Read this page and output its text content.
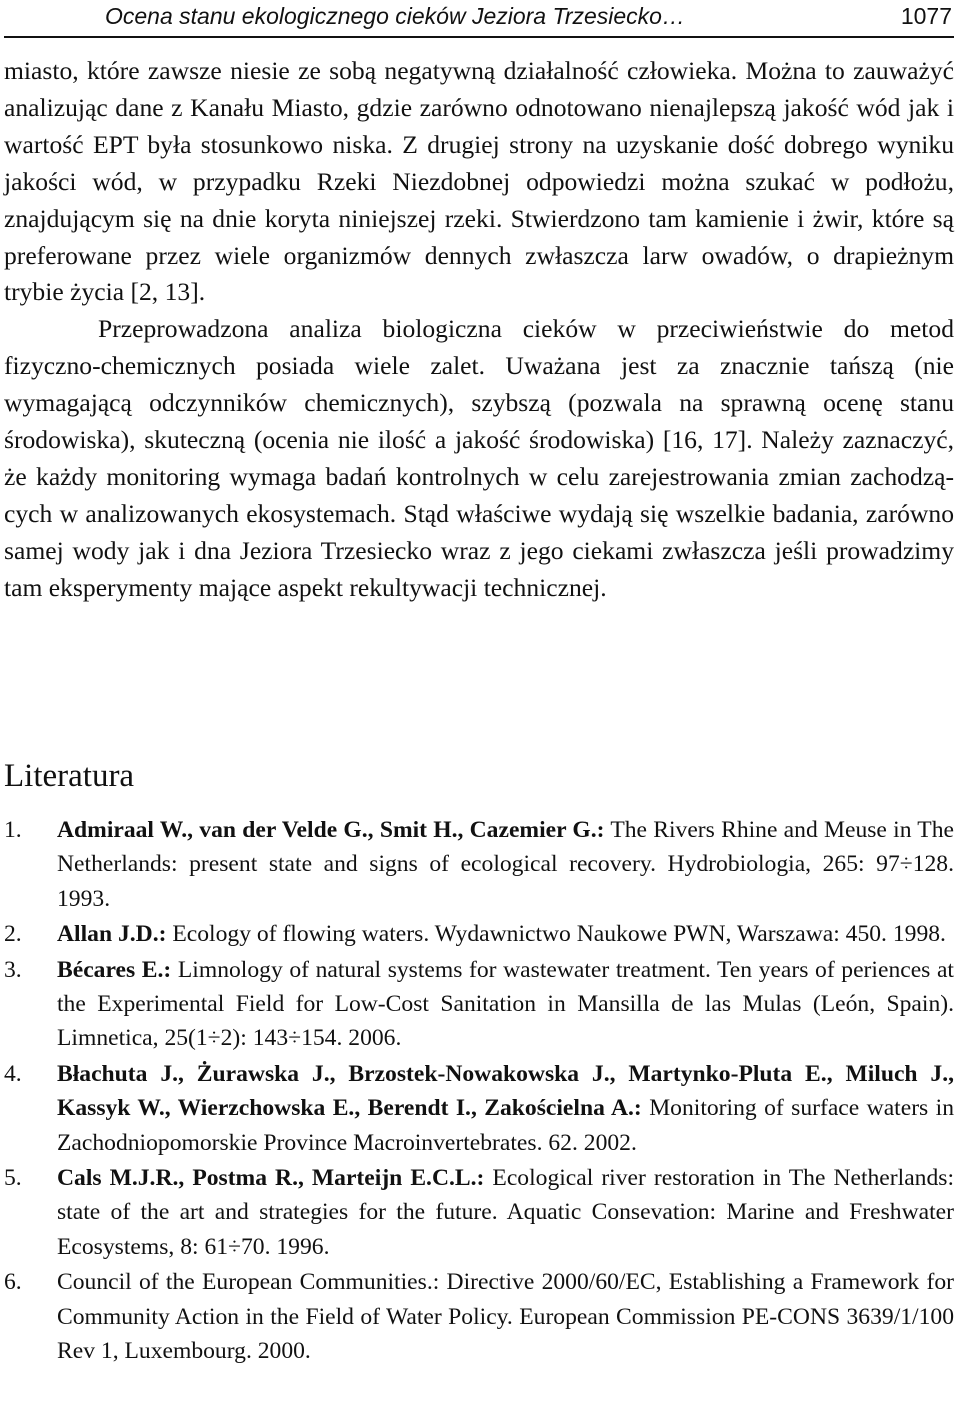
Ocena stanu ekologicznego cieków Jeziora Trzesiecko…	1077

miasto, które zawsze niesie ze sobą negatywną działalność człowieka. Można to zauważyć analizując dane z Kanału Miasto, gdzie zarówno odnotowano nienajlepszą jakość wód jak i wartość EPT była stosunkowo niska. Z drugiej strony na uzyskanie dość dobrego wyniku jakości wód, w przypadku Rzeki Niezdobnej odpowiedzi można szukać w podłożu, znajdującym się na dnie koryta niniejszej rzeki. Stwierdzono tam kamienie i żwir, które są preferowane przez wiele organizmów dennych zwłaszcza larw owadów, o drapieżnym trybie życia [2, 13].

Przeprowadzona analiza biologiczna cieków w przeciwieństwie do metod fizyczno-chemicznych posiada wiele zalet. Uważana jest za znacznie tańszą (nie wymagającą odczynników chemicznych), szybszą (pozwala na sprawną ocenę stanu środowiska), skuteczną (ocenia nie ilość a jakość środowiska) [16, 17]. Należy zaznaczyć, że każdy monitoring wymaga badań kontrolnych w celu zarejestrowania zmian zachodzących w analizowanych ekosystemach. Stąd właściwe wydają się wszelkie badania, zarówno samej wody jak i dna Jeziora Trzesiecko wraz z jego ciekami zwłaszcza jeśli prowadzimy tam eksperymenty mające aspekt rekultywacji technicznej.

Literatura
1. Admiraal W., van der Velde G., Smit H., Cazemier G.: The Rivers Rhine and Meuse in The Netherlands: present state and signs of ecological recovery. Hydrobiologia, 265: 97÷128. 1993.
2. Allan J.D.: Ecology of flowing waters. Wydawnictwo Naukowe PWN, Warszawa: 450. 1998.
3. Bécares E.: Limnology of natural systems for wastewater treatment. Ten years of periences at the Experimental Field for Low-Cost Sanitation in Mansilla de las Mulas (León, Spain). Limnetica, 25(1÷2): 143÷154. 2006.
4. Błachuta J., Żurawska J., Brzostek-Nowakowska J., Martynko-Pluta E., Miluch J., Kassyk W., Wierzchowska E., Berendt I., Zakościelna A.: Monitoring of surface waters in Zachodniopomorskie Province Macroinvertebrates. 62. 2002.
5. Cals M.J.R., Postma R., Marteijn E.C.L.: Ecological river restoration in The Netherlands: state of the art and strategies for the future. Aquatic Consevation: Marine and Freshwater Ecosystems, 8: 61÷70. 1996.
6. Council of the European Communities.: Directive 2000/60/EC, Establishing a Framework for Community Action in the Field of Water Policy. European Commission PE-CONS 3639/1/100 Rev 1, Luxembourg. 2000.
